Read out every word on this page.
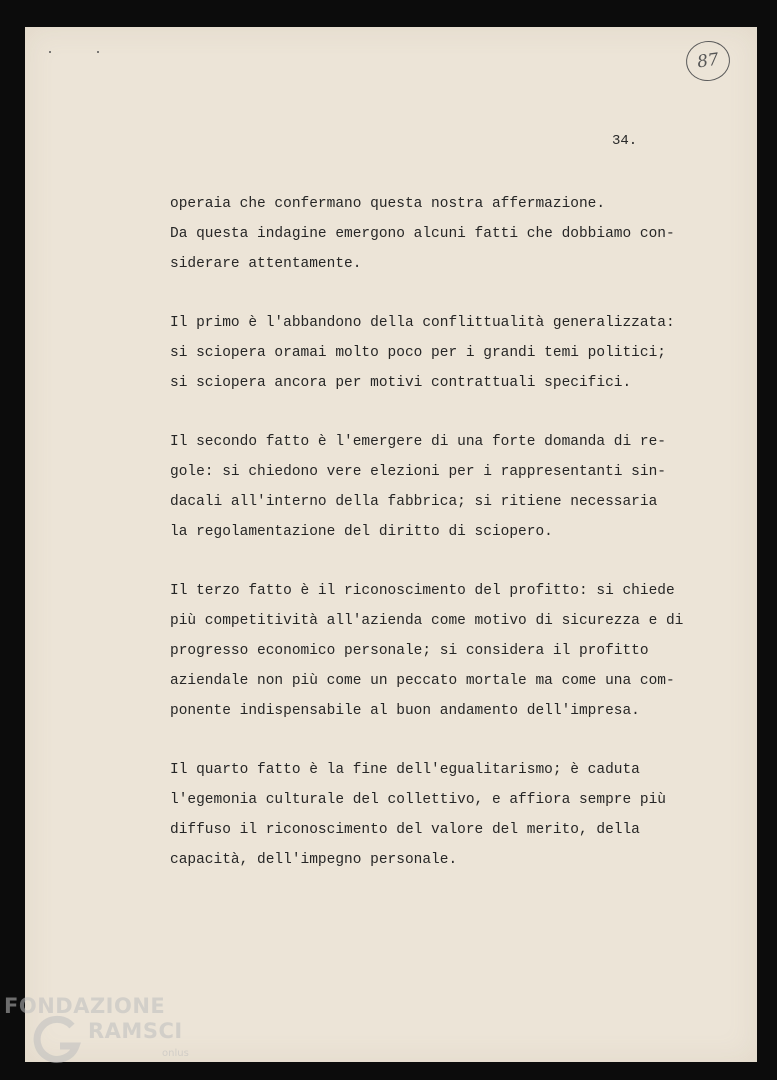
87
34.
operaia che confermano questa nostra affermazione.
Da questa indagine emergono alcuni fatti che dobbiamo con-
siderare attentamente.
Il primo è l'abbandono della conflittualità generalizzata:
si sciopera oramai molto poco per i grandi temi politici;
si sciopera ancora per motivi contrattuali specifici.
Il secondo fatto è l'emergere di una forte domanda di re-
gole: si chiedono vere elezioni per i rappresentanti sin-
dacali all'interno della fabbrica; si ritiene necessaria
la regolamentazione del diritto di sciopero.
Il terzo fatto è il riconoscimento del profitto: si chiede
più competitività all'azienda come motivo di sicurezza e di
progresso economico personale; si considera il profitto
aziendale non più come un peccato mortale ma come una com-
ponente indispensabile al buon andamento dell'impresa.
Il quarto fatto è la fine dell'egualitarismo; è caduta
l'egemonia culturale del collettivo, e affiora sempre più
diffuso il riconoscimento del valore del merito, della
capacità, dell'impegno personale.
FONDAZIONE
RAMSCI
onlus
